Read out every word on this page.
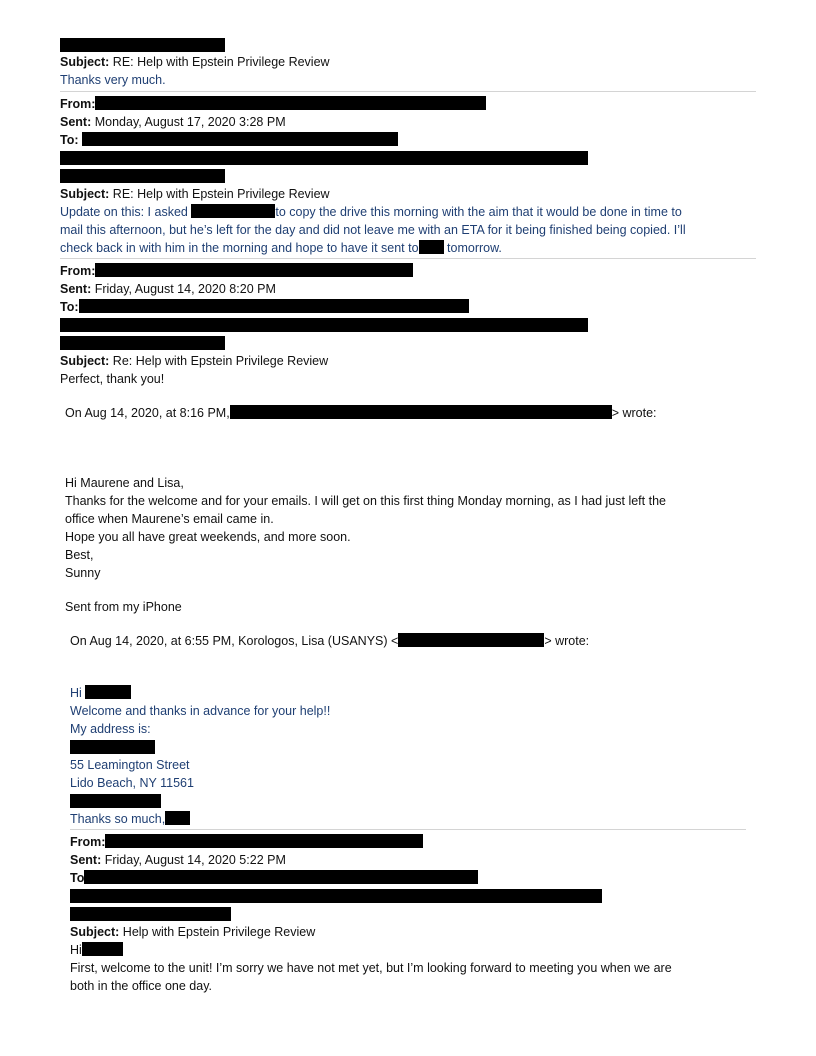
Subject: RE: Help with Epstein Privilege Review
Thanks very much.
From:
Sent: Monday, August 17, 2020 3:28 PM
To:
Subject: RE: Help with Epstein Privilege Review
Update on this: I asked	to copy the drive this morning with the aim that it would be done in time to
mail this afternoon, but he’s left for the day and did not leave me with an ETA for it being finished being copied. I’ll
check back in with him in the morning and hope to have it sent to tomorrow.
From:
Sent: Friday, August 14, 2020 8:20 PM
To:
Subject: Re: Help with Epstein Privilege Review
Perfect, thank you!
On Aug 14, 2020, at 8:16 PM,	> wrote:
Hi Maurene and Lisa,
Thanks for the welcome and for your emails. I will get on this first thing Monday morning, as I had just left the
office when Maurene’s email came in.
Hope you all have great weekends, and more soon.
Best,
Sunny
Sent from my iPhone
On Aug 14, 2020, at 6:55 PM, Korologos, Lisa (USANYS) <	> wrote:
Hi
Welcome and thanks in advance for your help!!
My address is:
55 Leamington Street
Lido Beach, NY 11561
Thanks so much,
From:
Sent: Friday, August 14, 2020 5:22 PM
To
Subject: Help with Epstein Privilege Review
Hi
First, welcome to the unit! I’m sorry we have not met yet, but I’m looking forward to meeting you when we are
both in the office one day.
